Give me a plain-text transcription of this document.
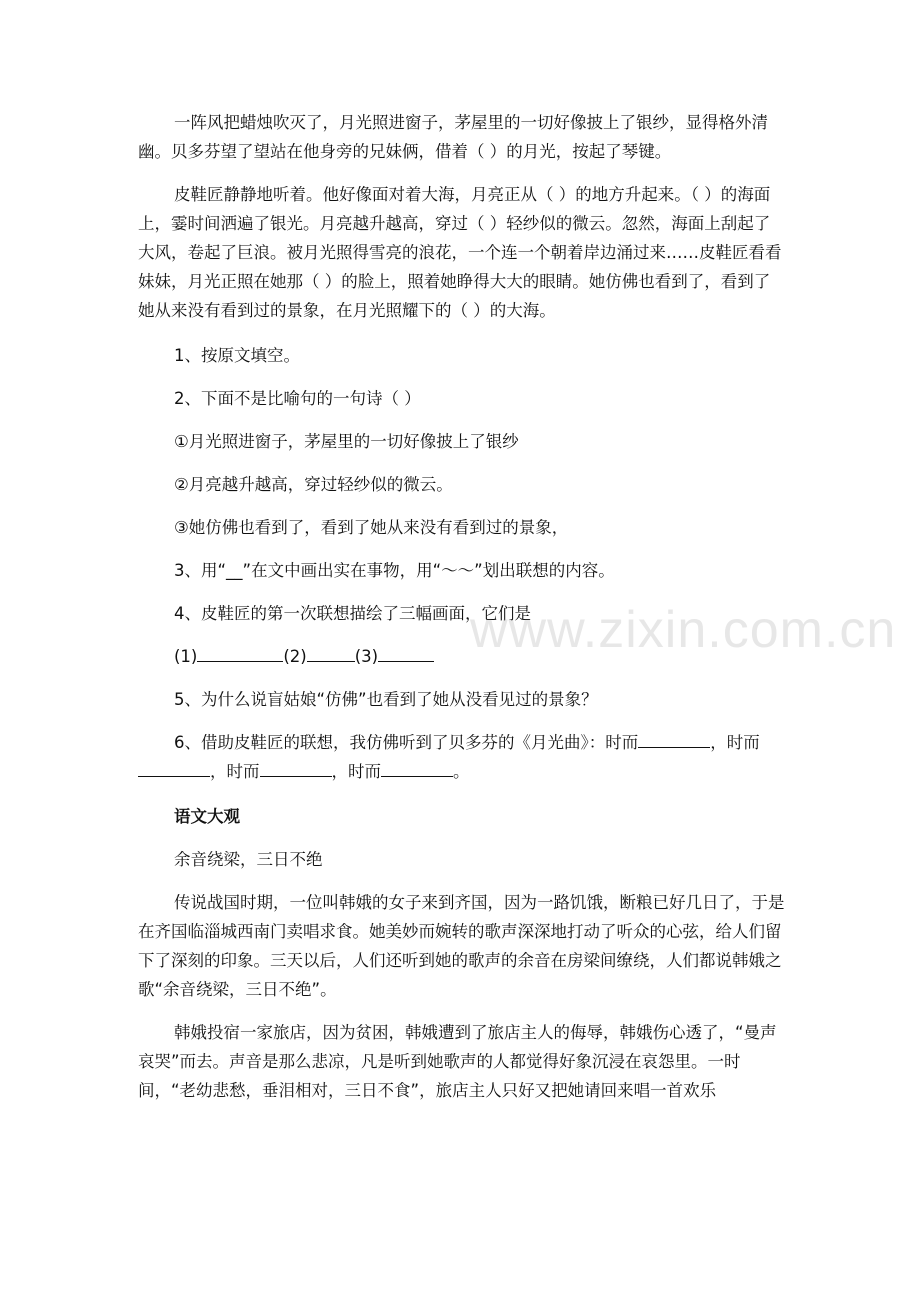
一阵风把蜡烛吹灭了，月光照进窗子，茅屋里的一切好像披上了银纱，显得格外清幽。贝多芬望了望站在他身旁的兄妹俩，借着（ ）的月光，按起了琴键。

皮鞋匠静静地听着。他好像面对着大海，月亮正从（ ）的地方升起来。（ ）的海面上，霎时间洒遍了银光。月亮越升越高，穿过（ ）轻纱似的微云。忽然，海面上刮起了大风，卷起了巨浪。被月光照得雪亮的浪花，一个连一个朝着岸边涌过来……皮鞋匠看看妹妹，月光正照在她那（ ）的脸上，照着她睁得大大的眼睛。她仿佛也看到了，看到了她从来没有看到过的景象，在月光照耀下的（ ）的大海。

1、按原文填空。

2、下面不是比喻句的一句诗（ ）

①月光照进窗子，茅屋里的一切好像披上了银纱

②月亮越升越高，穿过轻纱似的微云。

③她仿佛也看到了，看到了她从来没有看到过的景象，

3、用“__”在文中画出实在事物，用“～～”划出联想的内容。

4、皮鞋匠的第一次联想描绘了三幅画面，它们是

(1)	(2)	(3)

5、为什么说盲姑娘“仿佛”也看到了她从没看见过的景象？

6、借助皮鞋匠的联想，我仿佛听到了贝多芬的《月光曲》：时而	，时而，时而	，时而	。

语文大观

余音绕梁，三日不绝

传说战国时期，一位叫韩娥的女子来到齐国，因为一路饥饿，断粮已好几日了，于是在齐国临淄城西南门卖唱求食。她美妙而婉转的歌声深深地打动了听众的心弦，给人们留下了深刻的印象。三天以后，人们还听到她的歌声的余音在房梁间缭绕，人们都说韩娥之歌“余音绕梁，三日不绝”。

韩娥投宿一家旅店，因为贫困，韩娥遭到了旅店主人的侮辱，韩娥伤心透了，“曼声哀哭”而去。声音是那么悲凉，凡是听到她歌声的人都觉得好象沉浸在哀怨里。一时间，“老幼悲愁，垂泪相对，三日不食”，旅店主人只好又把她请回来唱一首欢乐

www.zixin.com.cn
